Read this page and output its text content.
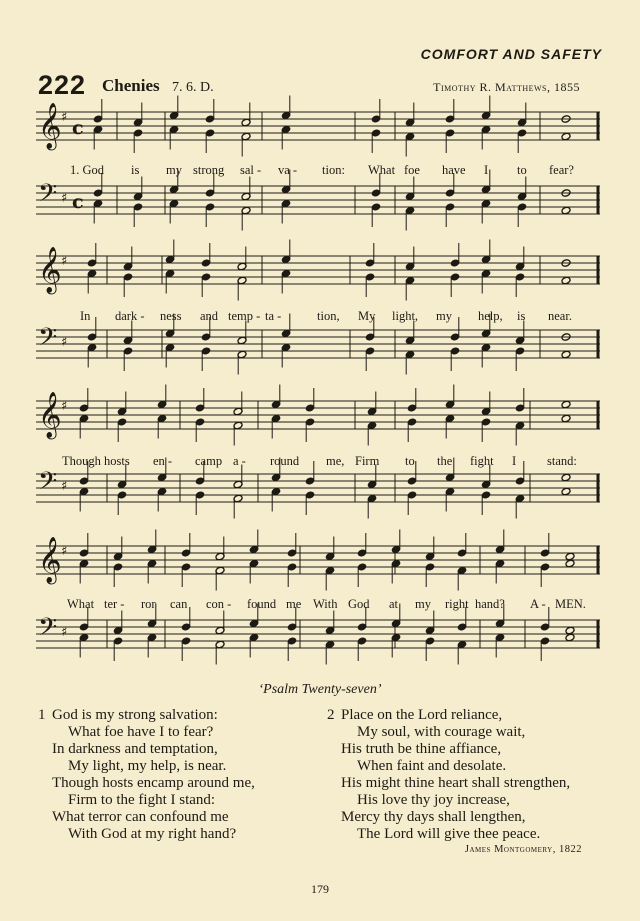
COMFORT AND SAFETY
222 Chenies 7. 6. D.	Timothy R. Matthews, 1855
𝄞 ♯ c
𝄢 ♯ c
𝄞 ♯
𝄢 ♯
𝄞 ♯
𝄢 ♯
𝄞 ♯
𝄢 ♯
1. God is my strong sal - va - tion: What foe have I to fear?
In dark - ness and temp - ta -	tion, My light, my help, is near.
Though hosts en - camp a - round me, Firm to the fight I stand:
What ter - ror can con - found me With God at my right hand? A - MEN.
‘Psalm Twenty-seven’
1 God is my strong salvation:
What foe have I to fear?
In darkness and temptation,
My light, my help, is near.
Though hosts encamp around me,
Firm to the fight I stand:
What terror can confound me
With God at my right hand?
2 Place on the Lord reliance,
My soul, with courage wait,
His truth be thine affiance,
When faint and desolate.
His might thine heart shall strengthen,
His love thy joy increase,
Mercy thy days shall lengthen,
The Lord will give thee peace.
James Montgomery, 1822
179
